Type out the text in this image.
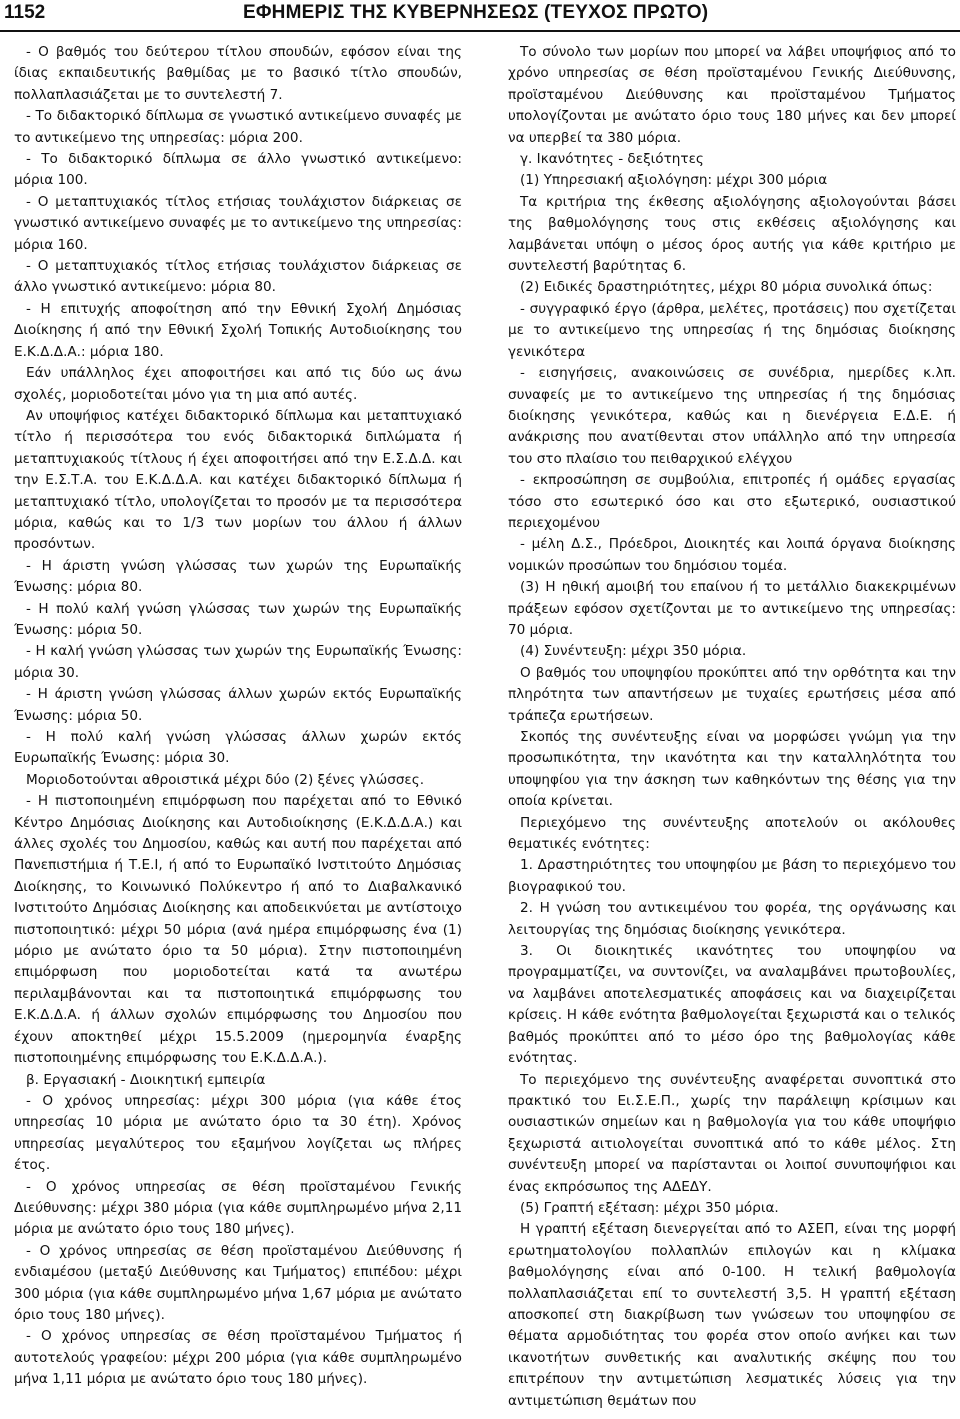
1152	ΕΦΗΜΕΡΙΣ ΤΗΣ ΚΥΒΕΡΝΗΣΕΩΣ (ΤΕΥΧΟΣ ΠΡΩΤΟ)

- Ο βαθμός του δεύτερου τίτλου σπουδών, εφόσον είναι της ίδιας εκπαιδευτικής βαθμίδας με το βασικό τίτλο σπουδών, πολλαπλασιάζεται με το συντελεστή 7.

- Το διδακτορικό δίπλωμα σε γνωστικό αντικείμενο συναφές με το αντικείμενο της υπηρεσίας: μόρια 200.

- Το διδακτορικό δίπλωμα σε άλλο γνωστικό αντικείμενο: μόρια 100.

- Ο μεταπτυχιακός τίτλος ετήσιας τουλάχιστον διάρκειας σε γνωστικό αντικείμενο συναφές με το αντικείμενο της υπηρεσίας: μόρια 160.

- Ο μεταπτυχιακός τίτλος ετήσιας τουλάχιστον διάρκειας σε άλλο γνωστικό αντικείμενο: μόρια 80.

- Η επιτυχής αποφοίτηση από την Εθνική Σχολή Δημόσιας Διοίκησης ή από την Εθνική Σχολή Τοπικής Αυτοδιοίκησης του Ε.Κ.Δ.Δ.Α.: μόρια 180.

Εάν υπάλληλος έχει αποφοιτήσει και από τις δύο ως άνω σχολές, μοριοδοτείται μόνο για τη μια από αυτές.

Αν υποψήφιος κατέχει διδακτορικό δίπλωμα και μεταπτυχιακό τίτλο ή περισσότερα του ενός διδακτορικά διπλώματα ή μεταπτυχιακούς τίτλους ή έχει αποφοιτήσει από την Ε.Σ.Δ.Δ. και την Ε.Σ.Τ.Α. του Ε.Κ.Δ.Δ.Α. και κατέχει διδακτορικό δίπλωμα ή μεταπτυχιακό τίτλο, υπολογίζεται το προσόν με τα περισσότερα μόρια, καθώς και το 1/3 των μορίων του άλλου ή άλλων προσόντων.

- Η άριστη γνώση γλώσσας των χωρών της Ευρωπαϊκής Ένωσης: μόρια 80.

- Η πολύ καλή γνώση γλώσσας των χωρών της Ευρωπαϊκής Ένωσης: μόρια 50.

- Η καλή γνώση γλώσσας των χωρών της Ευρωπαϊκής Ένωσης: μόρια 30.

- Η άριστη γνώση γλώσσας άλλων χωρών εκτός Ευρωπαϊκής Ένωσης: μόρια 50.

- Η πολύ καλή γνώση γλώσσας άλλων χωρών εκτός Ευρωπαϊκής Ένωσης: μόρια 30.

Μοριοδοτούνται αθροιστικά μέχρι δύο (2) ξένες γλώσσες.

- Η πιστοποιημένη επιμόρφωση που παρέχεται από το Εθνικό Κέντρο Δημόσιας Διοίκησης και Αυτοδιοίκησης (Ε.Κ.Δ.Δ.Α.) και άλλες σχολές του Δημοσίου, καθώς και αυτή που παρέχεται από Πανεπιστήμια ή Τ.Ε.Ι, ή από το Ευρωπαϊκό Ινστιτούτο Δημόσιας Διοίκησης, το Κοινωνικό Πολύκεντρο ή από το Διαβαλκανικό Ινστιτούτο Δημόσιας Διοίκησης και αποδεικνύεται με αντίστοιχο πιστοποιητικό: μέχρι 50 μόρια (ανά ημέρα επιμόρφωσης ένα (1) μόριο με ανώτατο όριο τα 50 μόρια). Στην πιστοποιημένη επιμόρφωση που μοριοδοτείται κατά τα ανωτέρω περιλαμβάνονται και τα πιστοποιητικά επιμόρφωσης του Ε.Κ.Δ.Δ.Α. ή άλλων σχολών επιμόρφωσης του Δημοσίου που έχουν αποκτηθεί μέχρι 15.5.2009 (ημερομηνία έναρξης πιστοποιημένης επιμόρφωσης του Ε.Κ.Δ.Δ.Α.).

β. Εργασιακή - Διοικητική εμπειρία

- Ο χρόνος υπηρεσίας: μέχρι 300 μόρια (για κάθε έτος υπηρεσίας 10 μόρια με ανώτατο όριο τα 30 έτη). Χρόνος υπηρεσίας μεγαλύτερος του εξαμήνου λογίζεται ως πλήρες έτος.

- Ο χρόνος υπηρεσίας σε θέση προϊσταμένου Γενικής Διεύθυνσης: μέχρι 380 μόρια (για κάθε συμπληρωμένο μήνα 2,11 μόρια με ανώτατο όριο τους 180 μήνες).

- Ο χρόνος υπηρεσίας σε θέση προϊσταμένου Διεύθυνσης ή ενδιαμέσου (μεταξύ Διεύθυνσης και Τμήματος) επιπέδου: μέχρι 300 μόρια (για κάθε συμπληρωμένο μήνα 1,67 μόρια με ανώτατο όριο τους 180 μήνες).

- Ο χρόνος υπηρεσίας σε θέση προϊσταμένου Τμήματος ή αυτοτελούς γραφείου: μέχρι 200 μόρια (για κάθε συμπληρωμένο μήνα 1,11 μόρια με ανώτατο όριο τους 180 μήνες).

Το σύνολο των μορίων που μπορεί να λάβει υποψήφιος από το χρόνο υπηρεσίας σε θέση προϊσταμένου Γενικής Διεύθυνσης, προϊσταμένου Διεύθυνσης και προϊσταμένου Τμήματος υπολογίζονται με ανώτατο όριο τους 180 μήνες και δεν μπορεί να υπερβεί τα 380 μόρια.

γ. Ικανότητες - δεξιότητες

(1) Υπηρεσιακή αξιολόγηση: μέχρι 300 μόρια

Τα κριτήρια της έκθεσης αξιολόγησης αξιολογούνται βάσει της βαθμολόγησης τους στις εκθέσεις αξιολόγησης και λαμβάνεται υπόψη ο μέσος όρος αυτής για κάθε κριτήριο με συντελεστή βαρύτητας 6.

(2) Ειδικές δραστηριότητες, μέχρι 80 μόρια συνολικά όπως:

- συγγραφικό έργο (άρθρα, μελέτες, προτάσεις) που σχετίζεται με το αντικείμενο της υπηρεσίας ή της δημόσιας διοίκησης γενικότερα

- εισηγήσεις, ανακοινώσεις σε συνέδρια, ημερίδες κ.λπ. συναφείς με το αντικείμενο της υπηρεσίας ή της δημόσιας διοίκησης γενικότερα, καθώς και η διενέργεια Ε.Δ.Ε. ή ανάκρισης που ανατίθενται στον υπάλληλο από την υπηρεσία του στο πλαίσιο του πειθαρχικού ελέγχου

- εκπροσώπηση σε συμβούλια, επιτροπές ή ομάδες εργασίας τόσο στο εσωτερικό όσο και στο εξωτερικό, ουσιαστικού περιεχομένου

- μέλη Δ.Σ., Πρόεδροι, Διοικητές και λοιπά όργανα διοίκησης νομικών προσώπων του δημόσιου τομέα.

(3) Η ηθική αμοιβή του επαίνου ή το μετάλλιο διακεκριμένων πράξεων εφόσον σχετίζονται με το αντικείμενο της υπηρεσίας: 70 μόρια.

(4) Συνέντευξη: μέχρι 350 μόρια.

Ο βαθμός του υποψηφίου προκύπτει από την ορθότητα και την πληρότητα των απαντήσεων με τυχαίες ερωτήσεις μέσα από τράπεζα ερωτήσεων.

Σκοπός της συνέντευξης είναι να μορφώσει γνώμη για την προσωπικότητα, την ικανότητα και την καταλληλότητα του υποψηφίου για την άσκηση των καθηκόντων της θέσης για την οποία κρίνεται.

Περιεχόμενο της συνέντευξης αποτελούν οι ακόλουθες θεματικές ενότητες:

1. Δραστηριότητες του υποψηφίου με βάση το περιεχόμενο του βιογραφικού του.

2. Η γνώση του αντικειμένου του φορέα, της οργάνωσης και λειτουργίας της δημόσιας διοίκησης γενικότερα.

3. Οι διοικητικές ικανότητες του υποψηφίου να προγραμματίζει, να συντονίζει, να αναλαμβάνει πρωτοβουλίες, να λαμβάνει αποτελεσματικές αποφάσεις και να διαχειρίζεται κρίσεις. Η κάθε ενότητα βαθμολογείται ξεχωριστά και ο τελικός βαθμός προκύπτει από το μέσο όρο της βαθμολογίας κάθε ενότητας.

Το περιεχόμενο της συνέντευξης αναφέρεται συνοπτικά στο πρακτικό του Ει.Σ.Ε.Π., χωρίς την παράλειψη κρίσιμων και ουσιαστικών σημείων και η βαθμολογία για του κάθε υποψήφιο ξεχωριστά αιτιολογείται συνοπτικά από το κάθε μέλος. Στη συνέντευξη μπορεί να παρίστανται οι λοιποί συνυποψήφιοι και ένας εκπρόσωπος της ΑΔΕΔΥ.

(5) Γραπτή εξέταση: μέχρι 350 μόρια.

Η γραπτή εξέταση διενεργείται από το ΑΣΕΠ, είναι της μορφή ερωτηματολογίου πολλαπλών επιλογών και η κλίμακα βαθμολόγησης είναι από 0-100. Η τελική βαθμολογία πολλαπλασιάζεται επί το συντελεστή 3,5. Η γραπτή εξέταση αποσκοπεί στη διακρίβωση των γνώσεων του υποψηφίου σε θέματα αρμοδιότητας του φορέα στον οποίο ανήκει και των ικανοτήτων συνθετικής και αναλυτικής σκέψης που του επιτρέπουν την αντιμετώπιση λεσματικές λύσεις για την αντιμετώπιση θεμάτων που
